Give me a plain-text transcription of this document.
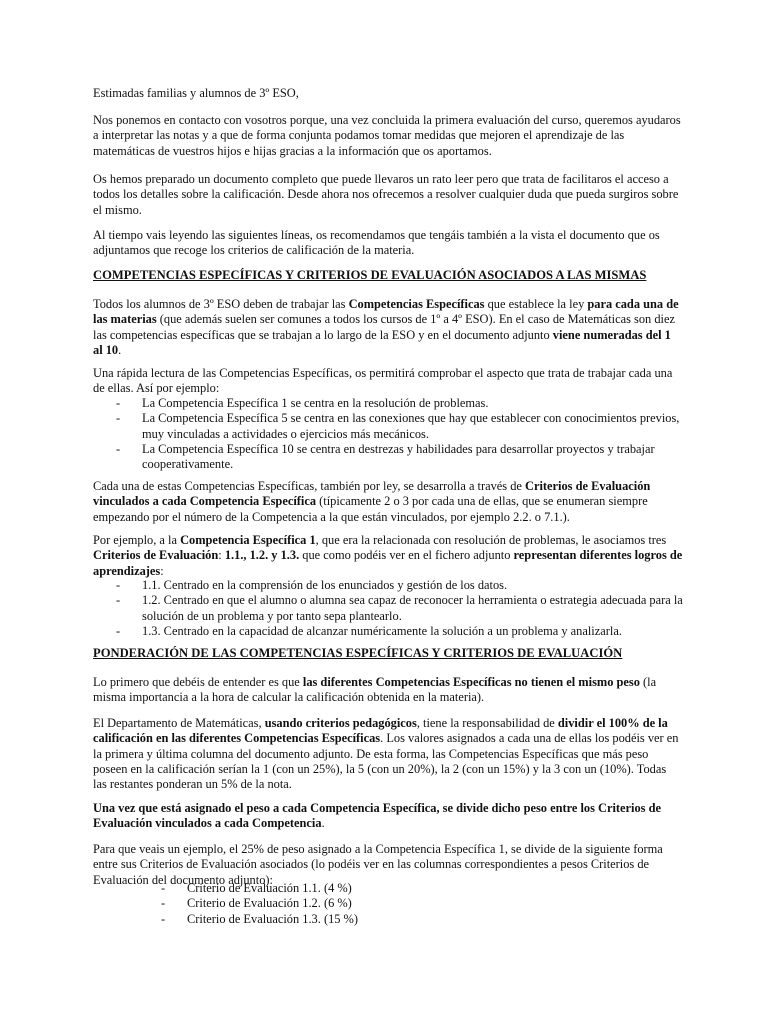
Estimadas familias y alumnos de 3º ESO,

Nos ponemos en contacto con vosotros porque, una vez concluida la primera evaluación del curso, queremos ayudaros a interpretar las notas y a que de forma conjunta podamos tomar medidas que mejoren el aprendizaje de las matemáticas de vuestros hijos e hijas gracias a la información que os aportamos.

Os hemos preparado un documento completo que puede llevaros un rato leer pero que trata de facilitaros el acceso a todos los detalles sobre la calificación. Desde ahora nos ofrecemos a resolver cualquier duda que pueda surgiros sobre el mismo.

Al tiempo vais leyendo las siguientes líneas, os recomendamos que tengáis también a la vista el documento que os adjuntamos que recoge los criterios de calificación de la materia.

COMPETENCIAS ESPECÍFICAS Y CRITERIOS DE EVALUACIÓN ASOCIADOS A LAS MISMAS

Todos los alumnos de 3º ESO deben de trabajar las Competencias Específicas que establece la ley para cada una de las materias (que además suelen ser comunes a todos los cursos de 1º a 4º ESO). En el caso de Matemáticas son diez las competencias específicas que se trabajan a lo largo de la ESO y en el documento adjunto viene numeradas del 1 al 10.

Una rápida lectura de las Competencias Específicas, os permitirá comprobar el aspecto que trata de trabajar cada una de ellas. Así por ejemplo:

- La Competencia Específica 1 se centra en la resolución de problemas.
- La Competencia Específica 5 se centra en las conexiones que hay que establecer con conocimientos previos, muy vinculadas a actividades o ejercicios más mecánicos.
- La Competencia Específica 10 se centra en destrezas y habilidades para desarrollar proyectos y trabajar cooperativamente.

Cada una de estas Competencias Específicas, también por ley, se desarrolla a través de Criterios de Evaluación vinculados a cada Competencia Específica (típicamente 2 o 3 por cada una de ellas, que se enumeran siempre empezando por el número de la Competencia a la que están vinculados, por ejemplo 2.2. o 7.1.).

Por ejemplo, a la Competencia Específica 1, que era la relacionada con resolución de problemas, le asociamos tres Criterios de Evaluación: 1.1., 1.2. y 1.3. que como podéis ver en el fichero adjunto representan diferentes logros de aprendizajes:

- 1.1. Centrado en la comprensión de los enunciados y gestión de los datos.
- 1.2. Centrado en que el alumno o alumna sea capaz de reconocer la herramienta o estrategia adecuada para la solución de un problema y por tanto sepa plantearlo.
- 1.3. Centrado en la capacidad de alcanzar numéricamente la solución a un problema y analizarla.

PONDERACIÓN DE LAS COMPETENCIAS ESPECÍFICAS Y CRITERIOS DE EVALUACIÓN

Lo primero que debéis de entender es que las diferentes Competencias Específicas no tienen el mismo peso (la misma importancia a la hora de calcular la calificación obtenida en la materia).

El Departamento de Matemáticas, usando criterios pedagógicos, tiene la responsabilidad de dividir el 100% de la calificación en las diferentes Competencias Específicas. Los valores asignados a cada una de ellas los podéis ver en la primera y última columna del documento adjunto. De esta forma, las Competencias Específicas que más peso poseen en la calificación serían la 1 (con un 25%), la 5 (con un 20%), la 2 (con un 15%) y la 3 con un (10%). Todas las restantes ponderan un 5% de la nota.

Una vez que está asignado el peso a cada Competencia Específica, se divide dicho peso entre los Criterios de Evaluación vinculados a cada Competencia.

Para que veais un ejemplo, el 25% de peso asignado a la Competencia Específica 1, se divide de la siguiente forma entre sus Criterios de Evaluación asociados (lo podéis ver en las columnas correspondientes a pesos Criterios de Evaluación del documento adjunto):

- Criterio de Evaluación 1.1. (4 %)
- Criterio de Evaluación 1.2. (6 %)
- Criterio de Evaluación 1.3. (15 %)
